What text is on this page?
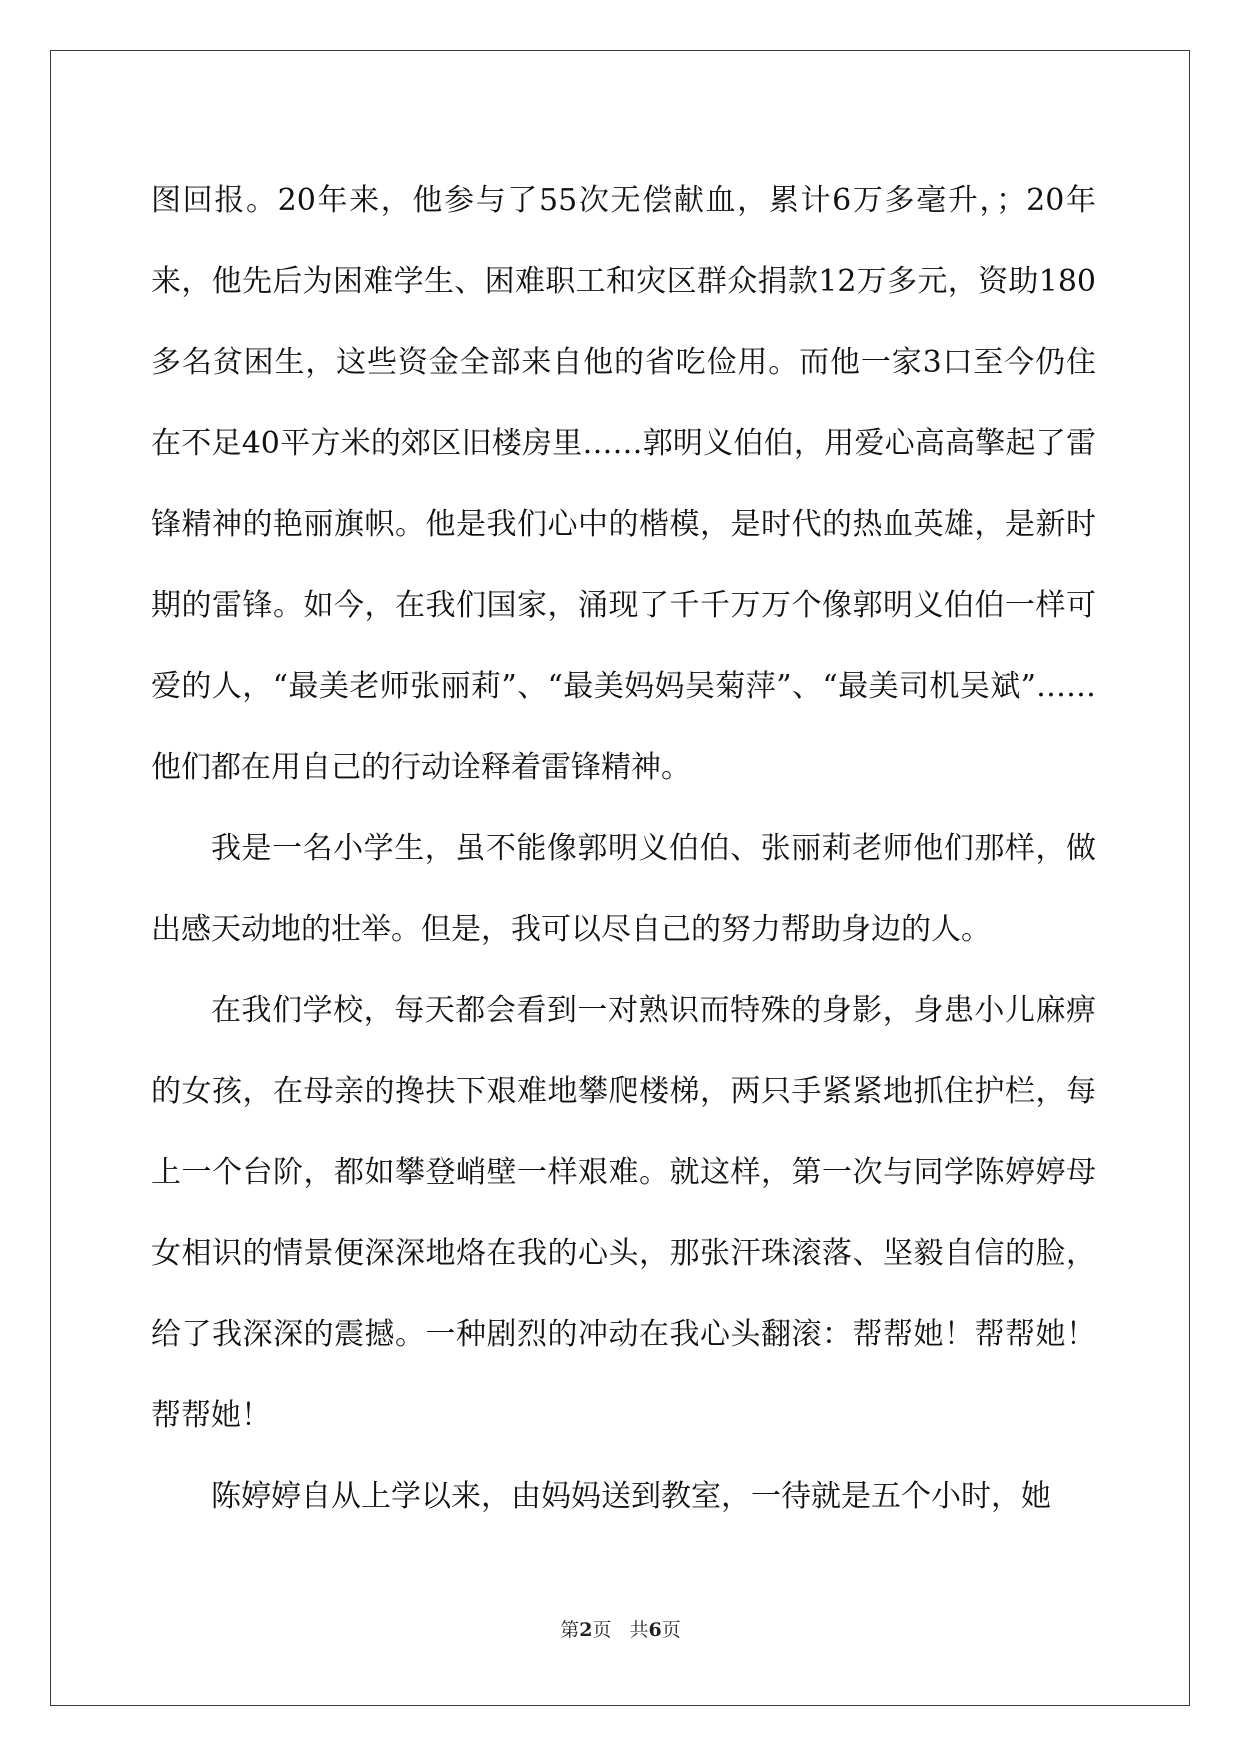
图回报。20年来，他参与了55次无偿献血，累计6万多毫升，；20年来，他先后为困难学生、困难职工和灾区群众捐款12万多元，资助180多名贫困生，这些资金全部来自他的省吃俭用。而他一家3口至今仍住在不足40平方米的郊区旧楼房里……郭明义伯伯，用爱心高高擎起了雷锋精神的艳丽旗帜。他是我们心中的楷模，是时代的热血英雄，是新时期的雷锋。如今，在我们国家，涌现了千千万万个像郭明义伯伯一样可爱的人，“最美老师张丽莉”、“最美妈妈吴菊萍”、“最美司机吴斌”……他们都在用自己的行动诠释着雷锋精神。

我是一名小学生，虽不能像郭明义伯伯、张丽莉老师他们那样，做出感天动地的壮举。但是，我可以尽自己的努力帮助身边的人。

在我们学校，每天都会看到一对熟识而特殊的身影，身患小儿麻痹的女孩，在母亲的搀扶下艰难地攀爬楼梯，两只手紧紧地抓住护栏，每上一个台阶，都如攀登峭壁一样艰难。就这样，第一次与同学陈婷婷母女相识的情景便深深地烙在我的心头，那张汗珠滚落、坚毅自信的脸，给了我深深的震撼。一种剧烈的冲动在我心头翻滚：帮帮她！帮帮她！帮帮她！

陈婷婷自从上学以来，由妈妈送到教室，一待就是五个小时，她

第2页 共6页
